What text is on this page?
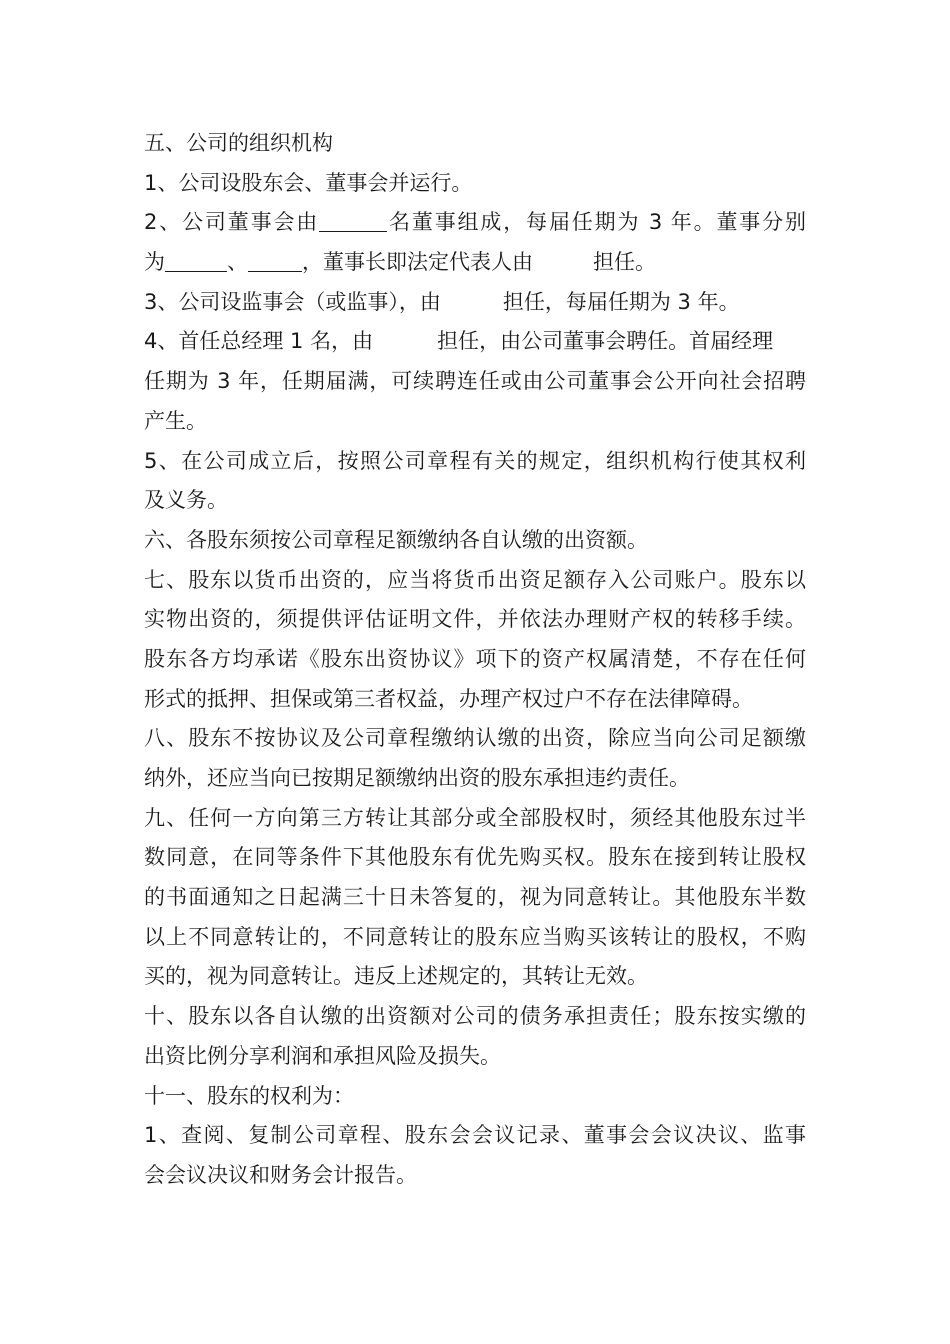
五、公司的组织机构
1、公司设股东会、董事会并运行。
2、公司董事会由	名董事组成，每届任期为 3 年。董事分别
为	、	，董事长即法定代表人由	担任。
3、公司设监事会（或监事），由	担任，每届任期为 3 年。
4、首任总经理 1 名，由	担任，由公司董事会聘任。首届经理
任期为 3 年，任期届满，可续聘连任或由公司董事会公开向社会招聘
产生。
5、在公司成立后，按照公司章程有关的规定，组织机构行使其权利
及义务。
六、各股东须按公司章程足额缴纳各自认缴的出资额。
七、股东以货币出资的，应当将货币出资足额存入公司账户。股东以
实物出资的，须提供评估证明文件，并依法办理财产权的转移手续。
股东各方均承诺《股东出资协议》项下的资产权属清楚，不存在任何
形式的抵押、担保或第三者权益，办理产权过户不存在法律障碍。
八、股东不按协议及公司章程缴纳认缴的出资，除应当向公司足额缴
纳外，还应当向已按期足额缴纳出资的股东承担违约责任。
九、任何一方向第三方转让其部分或全部股权时，须经其他股东过半
数同意，在同等条件下其他股东有优先购买权。股东在接到转让股权
的书面通知之日起满三十日未答复的，视为同意转让。其他股东半数
以上不同意转让的，不同意转让的股东应当购买该转让的股权，不购
买的，视为同意转让。违反上述规定的，其转让无效。
十、股东以各自认缴的出资额对公司的债务承担责任；股东按实缴的
出资比例分享利润和承担风险及损失。
十一、股东的权利为：
1、查阅、复制公司章程、股东会会议记录、董事会会议决议、监事
会会议决议和财务会计报告。
